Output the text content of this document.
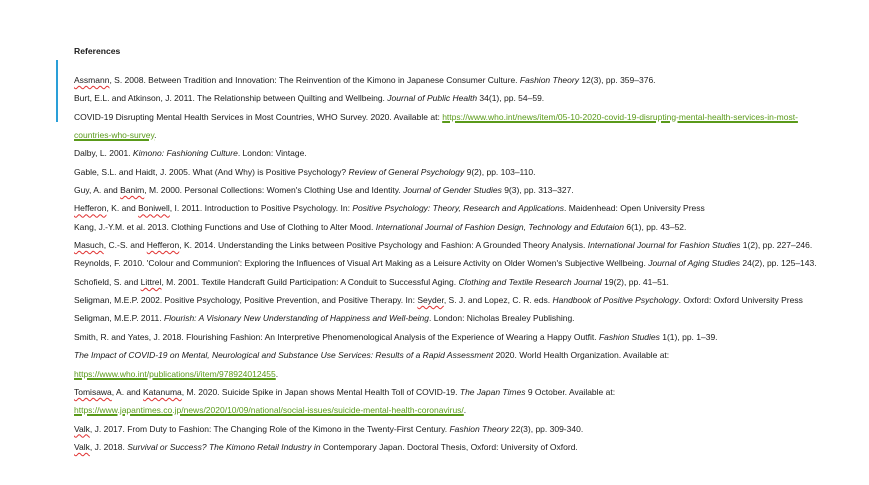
References
Assmann, S. 2008. Between Tradition and Innovation: The Reinvention of the Kimono in Japanese Consumer Culture. Fashion Theory 12(3), pp. 359–376.
Burt, E.L. and Atkinson, J. 2011. The Relationship between Quilting and Wellbeing. Journal of Public Health 34(1), pp. 54–59.
COVID-19 Disrupting Mental Health Services in Most Countries, WHO Survey. 2020. Available at: https://www.who.int/news/item/05-10-2020-covid-19-disrupting-mental-health-services-in-most-
countries-who-survey.
Dalby, L. 2001. Kimono: Fashioning Culture. London: Vintage.
Gable, S.L. and Haidt, J. 2005. What (And Why) is Positive Psychology? Review of General Psychology 9(2), pp. 103–110.
Guy, A. and Banim, M. 2000. Personal Collections: Women's Clothing Use and Identity. Journal of Gender Studies 9(3), pp. 313–327.
Hefferon, K. and Boniwell, I. 2011. Introduction to Positive Psychology. In: Positive Psychology: Theory, Research and Applications. Maidenhead: Open University Press
Kang, J.-Y.M. et al. 2013. Clothing Functions and Use of Clothing to Alter Mood. International Journal of Fashion Design, Technology and Edutaion 6(1), pp. 43–52.
Masuch, C.-S. and Hefferon, K. 2014. Understanding the Links between Positive Psychology and Fashion: A Grounded Theory Analysis. International Journal for Fashion Studies 1(2), pp. 227–246.
Reynolds, F. 2010. 'Colour and Communion': Exploring the Influences of Visual Art Making as a Leisure Activity on Older Women's Subjective Wellbeing. Journal of Aging Studies 24(2), pp. 125–143.
Schofield, S. and Littrel, M. 2001. Textile Handcraft Guild Participation: A Conduit to Successful Aging. Clothing and Textile Research Journal 19(2), pp. 41–51.
Seligman, M.E.P. 2002. Positive Psychology, Positive Prevention, and Positive Therapy. In: Seyder, S. J. and Lopez, C. R. eds. Handbook of Positive Psychology. Oxford: Oxford University Press
Seligman, M.E.P. 2011. Flourish: A Visionary New Understanding of Happiness and Well-being. London: Nicholas Brealey Publishing.
Smith, R. and Yates, J. 2018. Flourishing Fashion: An Interpretive Phenomenological Analysis of the Experience of Wearing a Happy Outfit. Fashion Studies 1(1), pp. 1–39.
The Impact of COVID-19 on Mental, Neurological and Substance Use Services: Results of a Rapid Assessment 2020. World Health Organization. Available at:
https://www.who.int/publications/i/item/978924012455.
Tomisawa, A. and Katanuma, M. 2020. Suicide Spike in Japan shows Mental Health Toll of COVID-19. The Japan Times 9 October. Available at:
https://www.japantimes.co.jp/news/2020/10/09/national/social-issues/suicide-mental-health-coronavirus/.
Valk, J. 2017. From Duty to Fashion: The Changing Role of the Kimono in the Twenty-First Century. Fashion Theory 22(3), pp. 309-340.
Valk, J. 2018. Survival or Success? The Kimono Retail Industry in Contemporary Japan. Doctoral Thesis, Oxford: University of Oxford.
